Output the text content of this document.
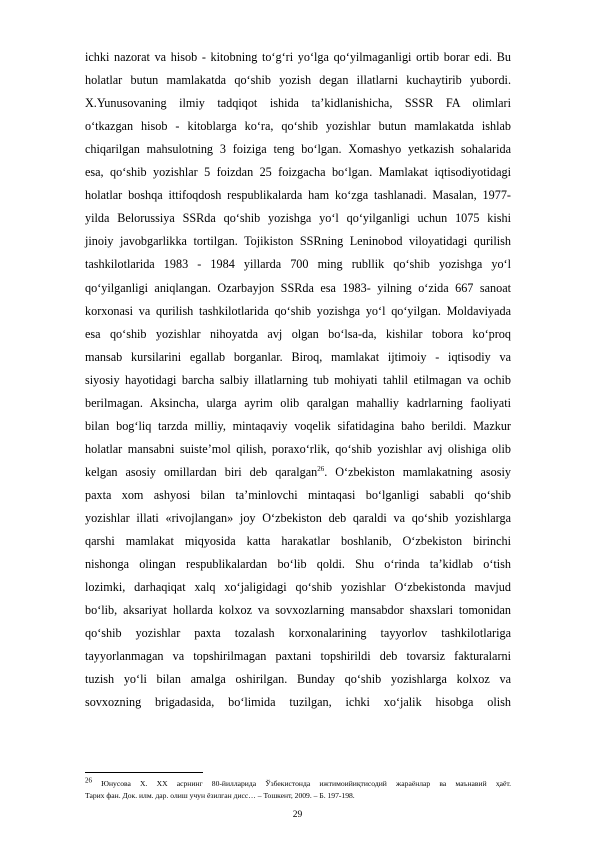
ichki nazorat va hisob - kitobning to‘g‘ri yo‘lga qo‘yilmaganligi ortib borar edi. Bu
holatlar butun mamlakatda qo‘shib yozish degan illatlarni kuchaytirib yubordi.
X.Yunusovaning ilmiy tadqiqot ishida ta’kidlanishicha, SSSR FA olimlari
o‘tkazgan hisob - kitoblarga ko‘ra, qo‘shib yozishlar butun mamlakatda ishlab
chiqarilgan mahsulotning 3 foiziga teng bo‘lgan. Xomashyo yetkazish sohalarida
esa, qo‘shib yozishlar 5 foizdan 25 foizgacha bo‘lgan. Mamlakat iqtisodiyotidagi
holatlar boshqa ittifoqdosh respublikalarda ham ko‘zga tashlanadi. Masalan, 1977-
yilda Belorussiya SSRda qo‘shib yozishga yo‘l qo‘yilganligi uchun 1075 kishi
jinoiy javobgarlikka tortilgan. Tojikiston SSRning Leninobod viloyatidagi qurilish
tashkilotlarida 1983 - 1984 yillarda 700 ming rubllik qo‘shib yozishga yo‘l
qo‘yilganligi aniqlangan. Ozarbayjon SSRda esa 1983- yilning o‘zida 667 sanoat
korxonasi va qurilish tashkilotlarida qo‘shib yozishga yo‘l qo‘yilgan. Moldaviyada
esa qo‘shib yozishlar nihoyatda avj olgan bo‘lsa-da, kishilar tobora ko‘proq
mansab kursilarini egallab borganlar. Biroq, mamlakat ijtimoiy - iqtisodiy va
siyosiy hayotidagi barcha salbiy illatlarning tub mohiyati tahlil etilmagan va ochib
berilmagan. Aksincha, ularga ayrim olib qaralgan mahalliy kadrlarning faoliyati
bilan bog‘liq tarzda milliy, mintaqaviy voqelik sifatidagina baho berildi. Mazkur
holatlar mansabni suiste’mol qilish, poraxo‘rlik, qo‘shib yozishlar avj olishiga olib
kelgan asosiy omillardan biri deb qaralgan$^{26}$. O‘zbekiston mamlakatning asosiy
paxta xom ashyosi bilan ta’minlovchi mintaqasi bo‘lganligi sababli qo‘shib
yozishlar illati «rivojlangan» joy O‘zbekiston deb qaraldi va qo‘shib yozishlarga
qarshi mamlakat miqyosida katta harakatlar boshlanib, O‘zbekiston birinchi
nishonga olingan respublikalardan bo‘lib qoldi. Shu o‘rinda ta’kidlab o‘tish
lozimki, darhaqiqat xalq xo‘jaligidagi qo‘shib yozishlar O‘zbekistonda mavjud
bo‘lib, aksariyat hollarda kolxoz va sovxozlarning mansabdor shaxslari tomonidan
qo‘shib yozishlar paxta tozalash korxonalarining tayyorlov tashkilotlariga
tayyorlanmagan va topshirilmagan paxtani topshirildi deb tovarsiz fakturalarni
tuzish yo‘li bilan amalga oshirilgan. Bunday qo‘shib yozishlarga kolxoz va
sovxozning brigadasida, bo‘limida tuzilgan, ichki xo‘jalik hisobga olish
$^{26}$ Юнусова Х. ХХ асрнинг 80-йилларида Ўзбекистонда ижтимоийиқтисодий жараёнлар ва маънавий ҳаёт.
Тарих фан. Док. илм. дар. олиш учун ёзилган дисс… – Тошкент, 2009. – Б. 197-198.
29
